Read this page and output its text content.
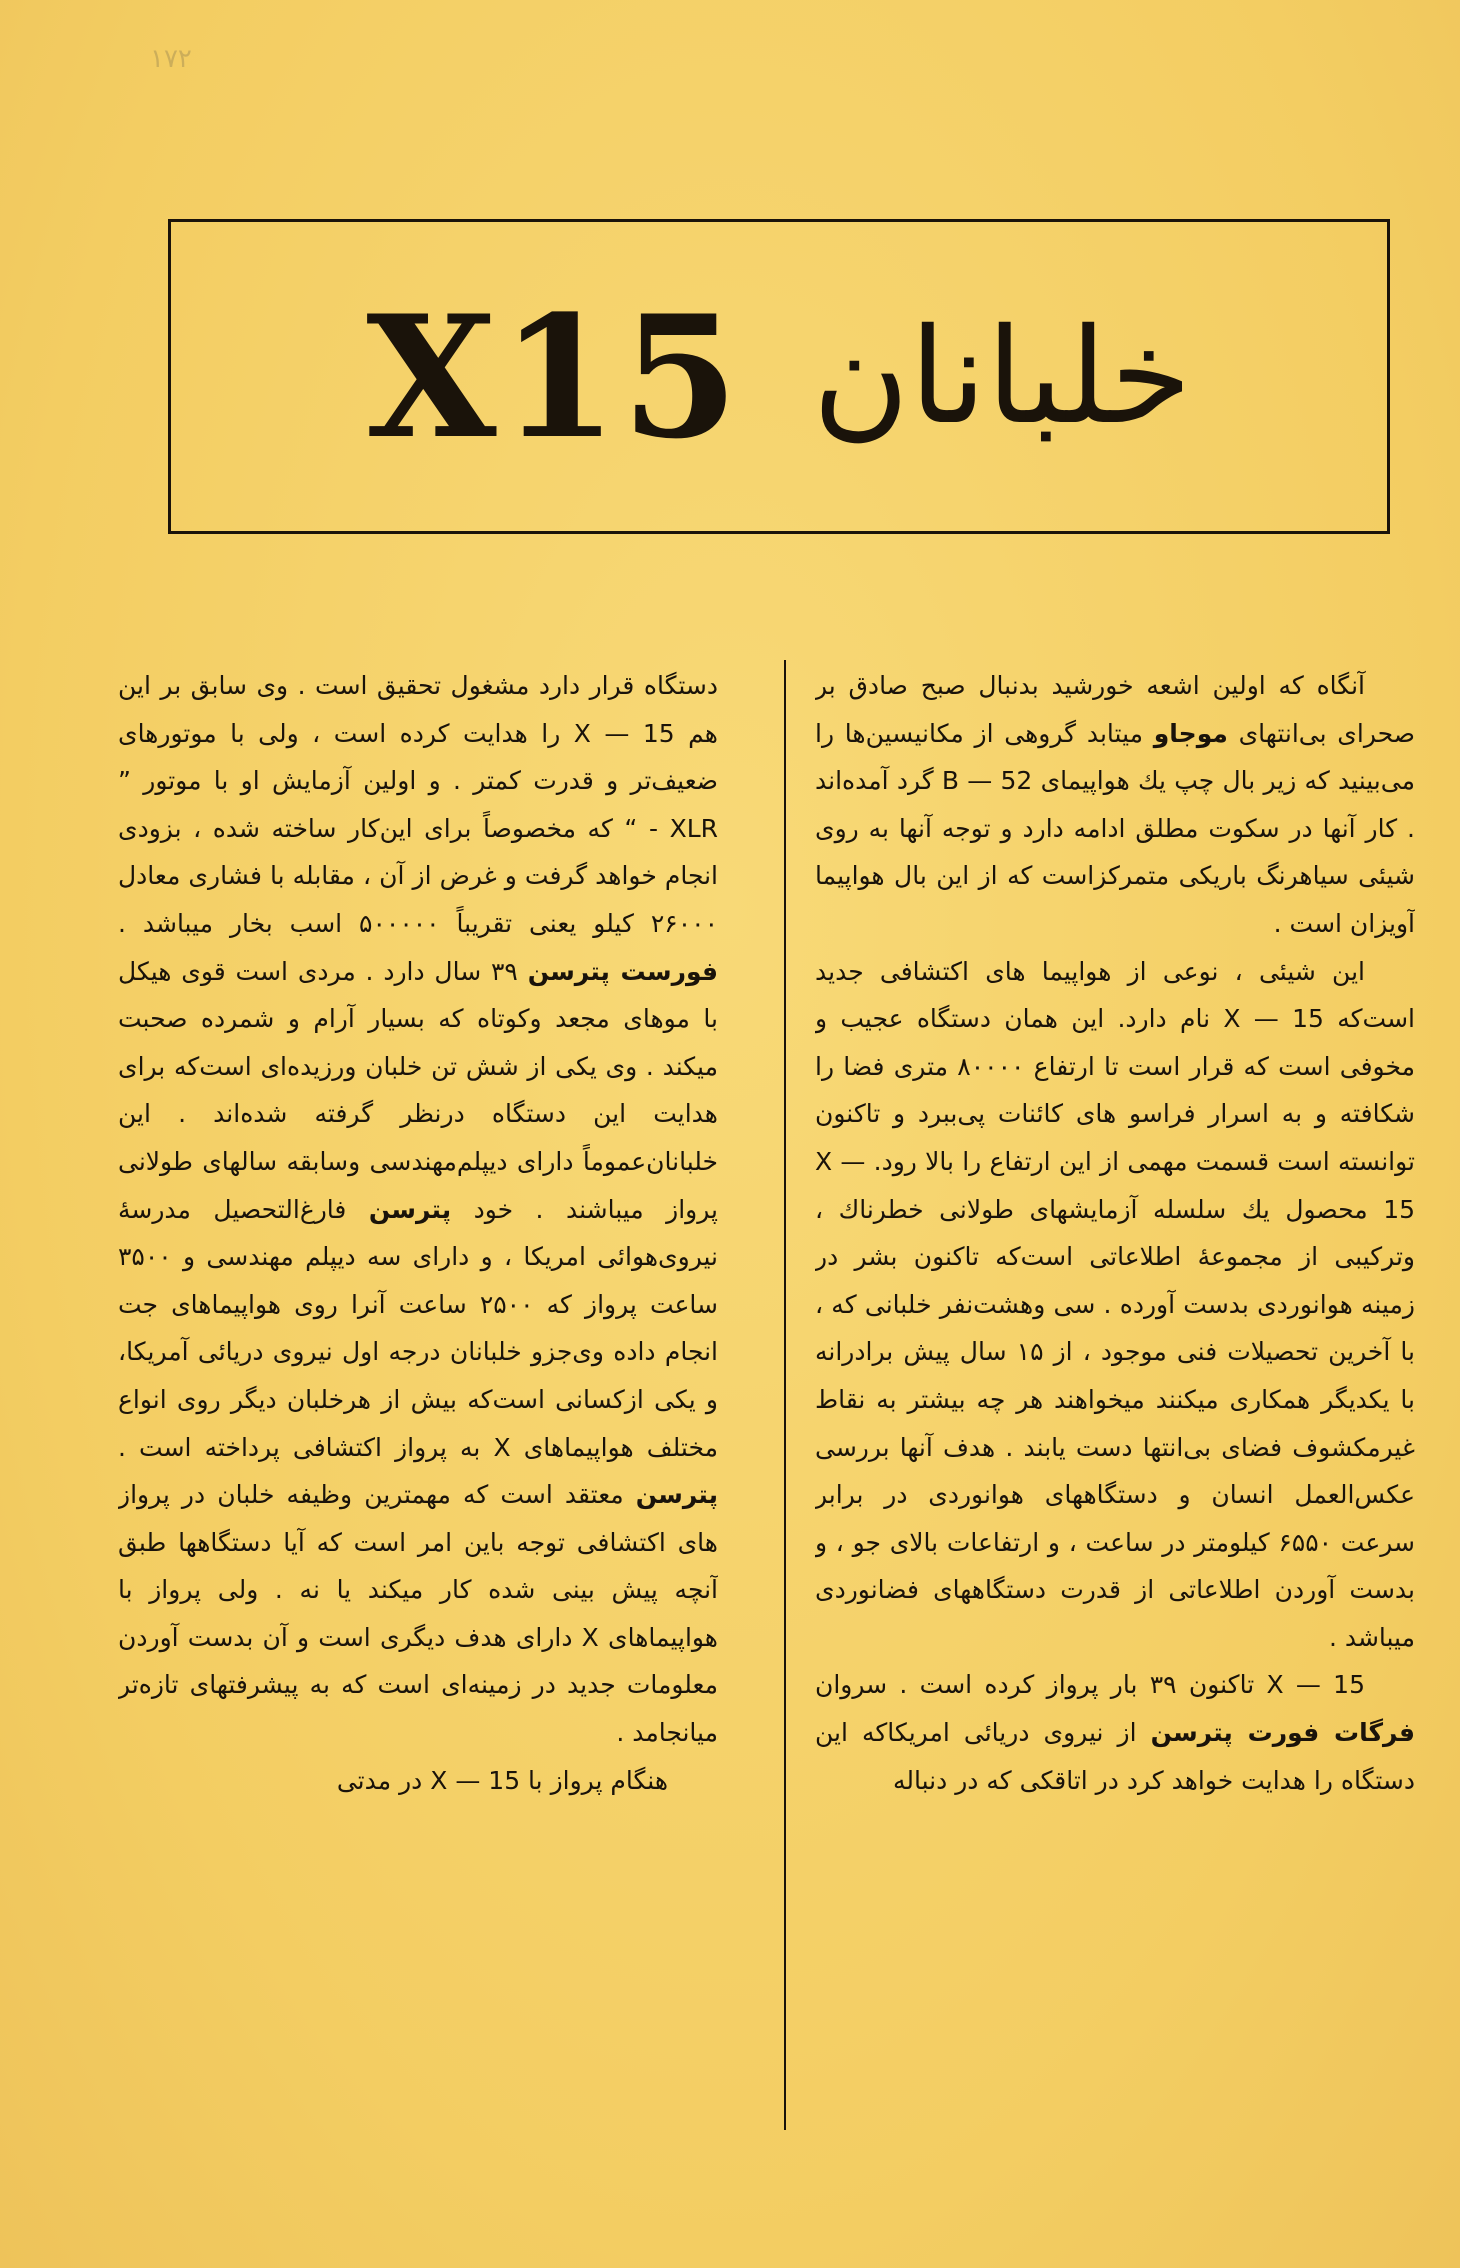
۱۷۲
X15 خلبانان

آنگاه که اولین اشعه خورشید بدنبال صبح صادق بر صحرای بی‌انتهای موجاو میتابد گروهی از مکانیسین‌ها را می‌بینید که زیر بال چپ یك هواپیمای B — 52 گرد آمده‌اند . کار آنها در سکوت مطلق ادامه دارد و توجه آنها به روی شیئی سیاهرنگ باریکی متمرکزاست که از این بال هواپیما آویزان است .

این شیئی ، نوعی از هواپیما های اکتشافی جدید است‌که X — 15 نام دارد. این همان دستگاه عجیب و مخوفی است که قرار است تا ارتفاع ۸۰۰۰۰ متری فضا را شکافته و به اسرار فراسو های کائنات پی‌ببرد و تاکنون توانسته است قسمت مهمی از این ارتفاع را بالا رود. X — 15 محصول یك سلسله آزمایشهای طولانی خطرناك ، وترکیبی از مجموعهٔ اطلاعاتی است‌که تاکنون بشر در زمینه هوانوردی بدست آورده . سی وهشت‌نفر خلبانی که ، با آخرین تحصیلات فنی موجود ، از ۱۵ سال پیش برادرانه با یکدیگر همکاری میکنند میخواهند هر چه بیشتر به نقاط غیرمکشوف فضای بی‌انتها دست یابند . هدف آنها بررسی عکس‌العمل انسان و دستگاههای هوانوردی در برابر سرعت ۶۵۵۰ کیلومتر در ساعت ، و ارتفاعات بالای جو ، و بدست آوردن اطلاعاتی از قدرت دستگاههای فضانوردی میباشد .

X — 15 تاکنون ۳۹ بار پرواز کرده است . سروان فرگات فورت پترسن از نیروی دریائی امریکاکه این دستگاه را هدایت خواهد کرد در اتاقکی که در دنباله

دستگاه قرار دارد مشغول تحقیق است . وی سابق بر این هم X — 15 را هدایت کرده است ، ولی با موتورهای ضعیف‌تر و قدرت کمتر . و اولین آزمایش او با موتور ” XLR - “ که مخصوصاً برای این‌کار ساخته شده ، بزودی انجام خواهد گرفت و غرض از آن ، مقابله با فشاری معادل ۲۶۰۰۰ کیلو یعنی تقریباً ۵۰۰۰۰۰ اسب بخار میباشد . فورست پترسن ۳۹ سال دارد . مردی است قوی هیکل با موهای مجعد وکوتاه که بسیار آرام و شمرده صحبت میکند . وی یکی از شش تن خلبان ورزیده‌ای است‌که برای هدایت این دستگاه درنظر گرفته شده‌اند . این خلبانان‌عموماً دارای دیپلم‌مهندسی وسابقه سالهای طولانی پرواز میباشند . خود پترسن فارغ‌التحصیل مدرسهٔ نیروی‌هوائی امریکا ، و دارای سه دیپلم مهندسی و ۳۵۰۰ ساعت پرواز که ۲۵۰۰ ساعت آنرا روی هواپیماهای جت انجام داده وی‌جزو خلبانان درجه اول نیروی دریائی آمریکا، و یکی ازکسانی است‌که بیش از هرخلبان دیگر روی انواع مختلف هواپیماهای X به پرواز اکتشافی پرداخته است . پترسن معتقد است که مهمترین وظیفه خلبان در پرواز های اکتشافی توجه باین امر است که آیا دستگاهها طبق آنچه پیش بینی شده کار میکند یا نه . ولی پرواز با هواپیماهای X دارای هدف دیگری است و آن بدست آوردن معلومات جدید در زمینه‌ای است که به پیشرفتهای تازه‌تر میانجامد .

هنگام پرواز با X — 15 در مدتی
